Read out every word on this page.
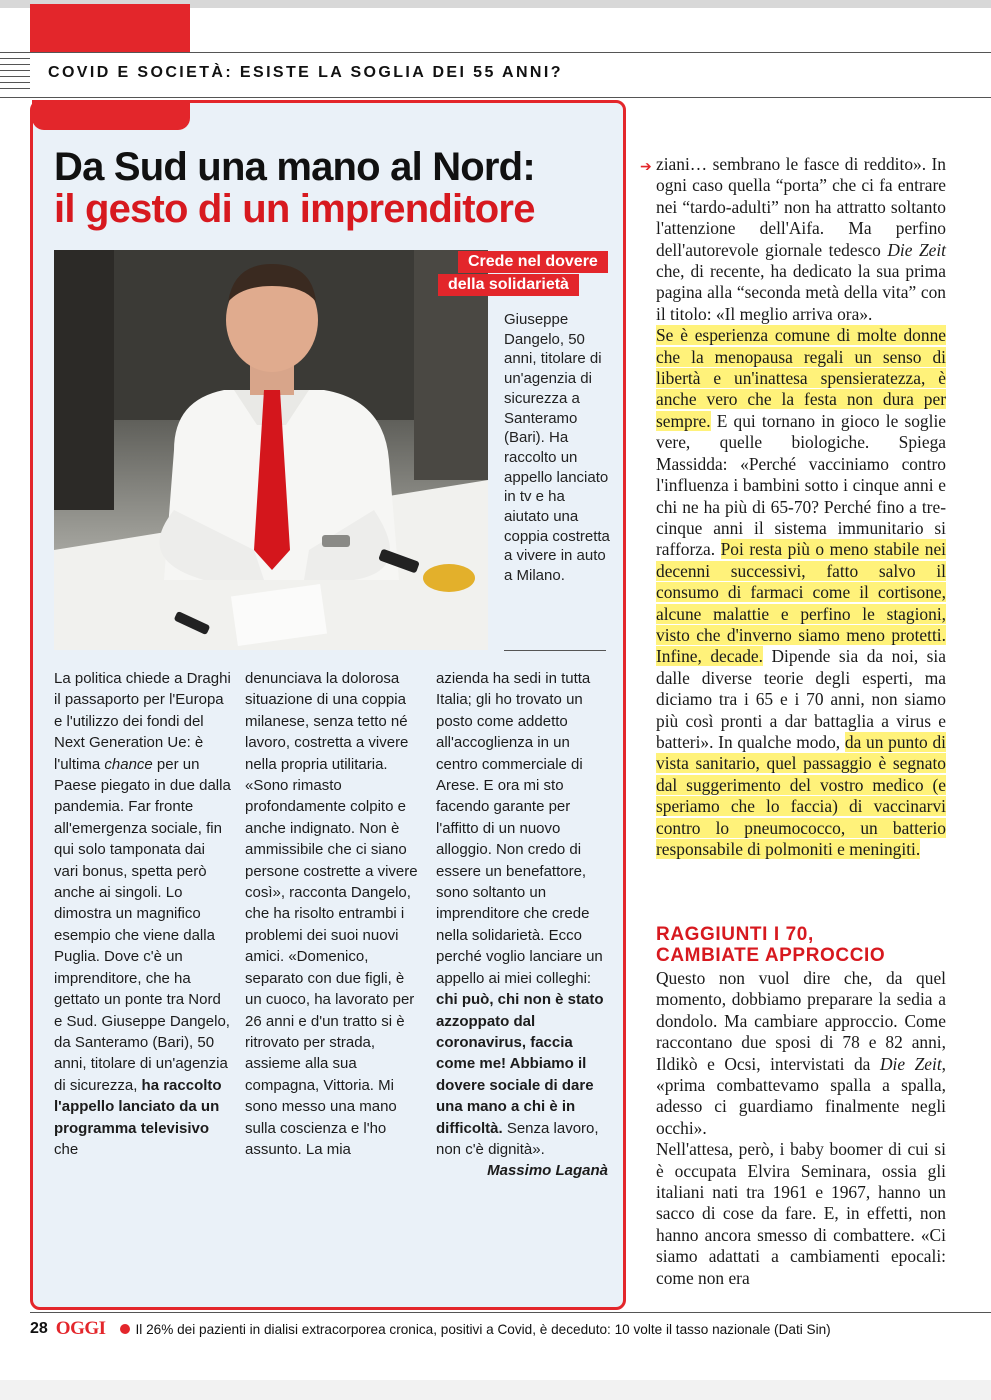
COVID E SOCIETÀ: ESISTE LA SOGLIA DEI 55 ANNI?
Da Sud una mano al Nord:
il gesto di un imprenditore
Crede nel dovere
della solidarietà
Giuseppe Dangelo, 50 anni, titolare di un'agenzia di sicurezza a Santeramo (Bari). Ha raccolto un appello lanciato in tv e ha aiutato una coppia costretta a vivere in auto a Milano.

La politica chiede a Draghi il passaporto per l'Europa e l'utilizzo dei fondi del Next Generation Ue: è l'ultima chance per un Paese piegato in due dalla pandemia. Far fronte all'emergenza sociale, fin qui solo tamponata dai vari bonus, spetta però anche ai singoli. Lo dimostra un magnifico esempio che viene dalla Puglia. Dove c'è un imprenditore, che ha gettato un ponte tra Nord e Sud. Giuseppe Dangelo, da Santeramo (Bari), 50 anni, titolare di un'agenzia di sicurezza, ha raccolto l'appello lanciato da un programma televisivo che

denunciava la dolorosa situazione di una coppia milanese, senza tetto né lavoro, costretta a vivere nella propria utilitaria. «Sono rimasto profondamente colpito e anche indignato. Non è ammissibile che ci siano persone costrette a vivere così», racconta Dangelo, che ha risolto entrambi i problemi dei suoi nuovi amici. «Domenico, separato con due figli, è un cuoco, ha lavorato per 26 anni e d'un tratto si è ritrovato per strada, assieme alla sua compagna, Vittoria. Mi sono messo una mano sulla coscienza e l'ho assunto. La mia

azienda ha sedi in tutta Italia; gli ho trovato un posto come addetto all'accoglienza in un centro commerciale di Arese. E ora mi sto facendo garante per l'affitto di un nuovo alloggio. Non credo di essere un benefattore, sono soltanto un imprenditore che crede nella solidarietà. Ecco perché voglio lanciare un appello ai miei colleghi: chi può, chi non è stato azzoppato dal coronavirus, faccia come me! Abbiamo il dovere sociale di dare una mano a chi è in difficoltà. Senza lavoro, non c'è dignità».

Massimo Laganà

➔ ziani… sembrano le fasce di reddito». In ogni caso quella “porta” che ci fa entrare nei “tardo-adulti” non ha attratto soltanto l'attenzione dell'Aifa. Ma perfino dell'autorevole giornale tedesco Die Zeit che, di recente, ha dedicato la sua prima pagina alla “seconda metà della vita” con il titolo: «Il meglio arriva ora».

Se è esperienza comune di molte donne che la menopausa regali un senso di libertà e un'inattesa spensieratezza, è anche vero che la festa non dura per sempre. E qui tornano in gioco le soglie vere, quelle biologiche. Spiega Massidda: «Perché vacciniamo contro l'influenza i bambini sotto i cinque anni e chi ne ha più di 65-70? Perché fino a tre-cinque anni il sistema immunitario si rafforza. Poi resta più o meno stabile nei decenni successivi, fatto salvo il consumo di farmaci come il cortisone, alcune malattie e perfino le stagioni, visto che d'inverno siamo meno protetti. Infine, decade. Dipende sia da noi, sia dalle diverse teorie degli esperti, ma diciamo tra i 65 e i 70 anni, non siamo più così pronti a dar battaglia a virus e batteri». In qualche modo, da un punto di vista sanitario, quel passaggio è segnato dal suggerimento del vostro medico (e speriamo che lo faccia) di vaccinarvi contro lo pneumococco, un batterio responsabile di polmoniti e meningiti.

RAGGIUNTI I 70,
CAMBIATE APPROCCIO

Questo non vuol dire che, da quel momento, dobbiamo preparare la sedia a dondolo. Ma cambiare approccio. Come raccontano due sposi di 78 e 82 anni, Ildikò e Ocsi, intervistati da Die Zeit, «prima combattevamo spalla a spalla, adesso ci guardiamo finalmente negli occhi».

Nell'attesa, però, i baby boomer di cui si è occupata Elvira Seminara, ossia gli italiani nati tra 1961 e 1967, hanno un sacco di cose da fare. E, in effetti, non hanno ancora smesso di combattere. «Ci siamo adattati a cambiamenti epocali: come non era

28 OGGI Il 26% dei pazienti in dialisi extracorporea cronica, positivi a Covid, è deceduto: 10 volte il tasso nazionale (Dati Sin)
